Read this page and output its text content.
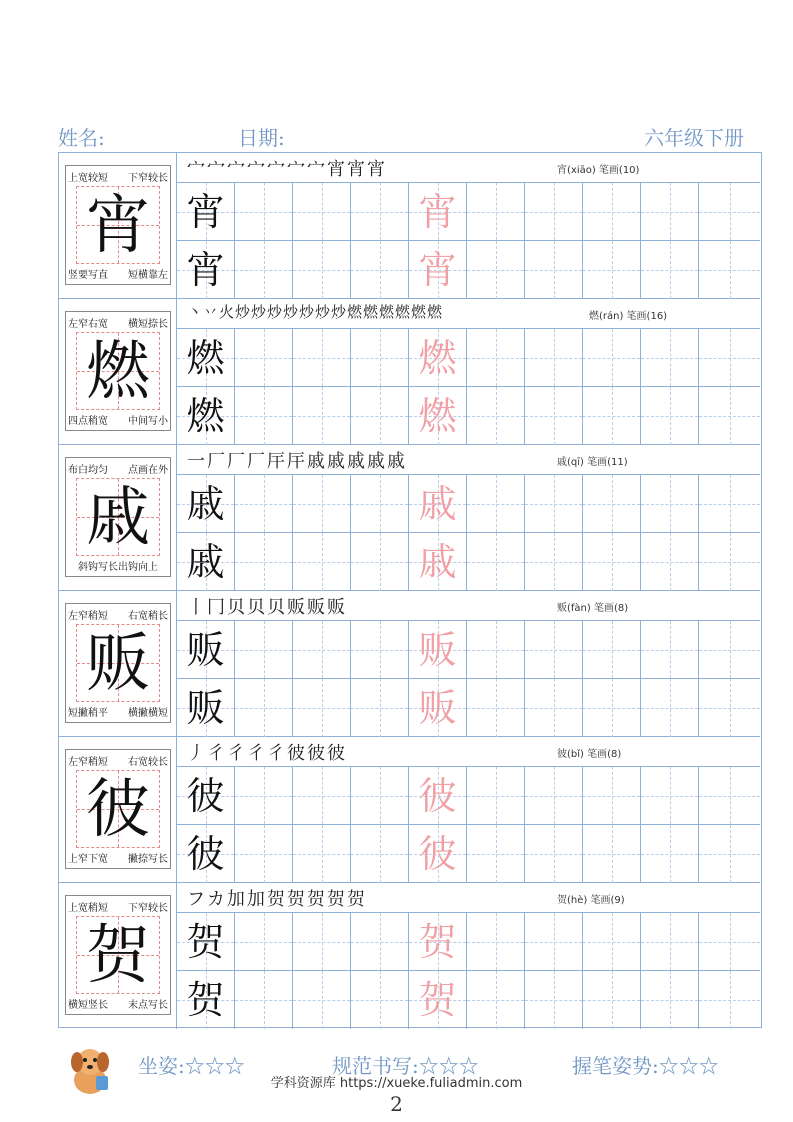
姓名:	日期:	六年级下册
上宽较短 下窄较长
宵
竖要写直 短横靠左
宀宀宀宀宀宀宀宵宵宵	宵(xiāo) 笔画(10)
宵	宵
宵	宵
左窄右宽 横短捺长
燃
四点稍宽 中间写小
丶丷火炒炒炒炒炒炒炒燃燃燃燃燃燃	燃(rán) 笔画(16)
燃	燃
燃	燃
布白均匀 点画在外
戚
斜钩写长出钩向上
一厂厂厂厈厈戚戚戚戚戚	戚(qī) 笔画(11)
戚	戚
戚	戚
左窄稍短 右宽稍长
贩
短撇稍平 横撇横短
丨冂贝贝贝贩贩贩	贩(fàn) 笔画(8)
贩	贩
贩	贩
左窄稍短 右宽较长
彼
上窄下宽 撇捺写长
丿彳彳彳彳彼彼彼	彼(bǐ) 笔画(8)
彼	彼
彼	彼
上宽稍短 下窄较长
贺
横短竖长 末点写长
フカ加加贺贺贺贺贺	贺(hè) 笔画(9)
贺	贺
贺	贺
坐姿:☆☆☆	规范书写:☆☆☆	握笔姿势:☆☆☆
学科资源库 https://xueke.fuliadmin.com
2
